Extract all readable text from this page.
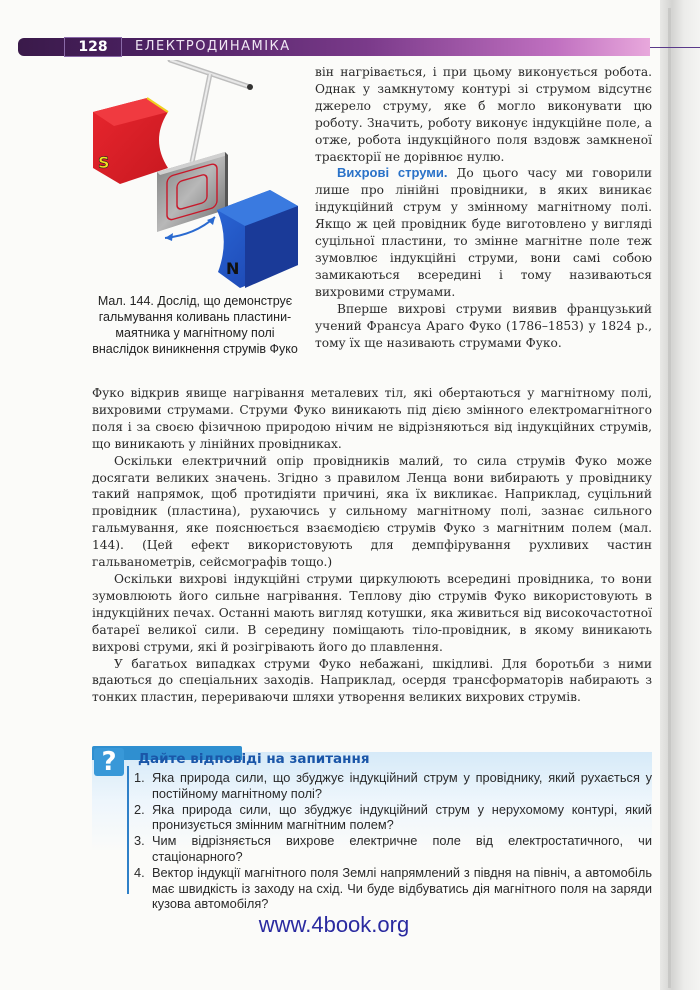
128	ЕЛЕКТРОДИНАМІКА
S
N
Мал. 144. Дослід, що демонструє гальмування коливань пластини-маятника у магнітному полі внаслідок виникнення струмів Фуко

він нагрівається, і при цьому виконується робота. Однак у замкнутому контурі зі струмом відсутнє джерело струму, яке б могло виконувати цю роботу. Значить, роботу виконує індукційне поле, а отже, робота індукційного поля вздовж замкненої траєкторії не дорівнює нулю.

Вихрові струми. До цього часу ми говорили лише про лінійні провідники, в яких виникає індукційний струм у змінному магнітному полі. Якщо ж цей провідник буде виготовлено у вигляді суцільної пластини, то змінне магнітне поле теж зумовлює індукційні струми, вони самі собою замикаються всередині і тому називаються вихровими струмами.

Вперше вихрові струми виявив французький учений Франсуа Араго Фуко (1786–1853) у 1824 р., тому їх ще називають струмами Фуко.

Фуко відкрив явище нагрівання металевих тіл, які обертаються у магнітному полі, вихровими струмами. Струми Фуко виникають під дією змінного електромагнітного поля і за своєю фізичною природою нічим не відрізняються від індукційних струмів, що виникають у лінійних провідниках.

Оскільки електричний опір провідників малий, то сила струмів Фуко може досягати великих значень. Згідно з правилом Ленца вони вибирають у провіднику такий напрямок, щоб протидіяти причині, яка їх викликає. Наприклад, суцільний провідник (пластина), рухаючись у сильному магнітному полі, зазнає сильного гальмування, яке пояснюється взаємодією струмів Фуко з магнітним полем (мал. 144). (Цей ефект використовують для демпфірування рухливих частин гальванометрів, сейсмографів тощо.)

Оскільки вихрові індукційні струми циркулюють всередині провідника, то вони зумовлюють його сильне нагрівання. Теплову дію струмів Фуко використовують в індукційних печах. Останні мають вигляд котушки, яка живиться від високочастотної батареї великої сили. В середину поміщають тіло-провідник, в якому виникають вихрові струми, які й розігрівають його до плавлення.

У багатьох випадках струми Фуко небажані, шкідливі. Для боротьби з ними вдаються до спеціальних заходів. Наприклад, осердя трансформаторів набирають з тонких пластин, перериваючи шляхи утворення великих вихрових струмів.

?	Дайте відповіді на запитання
1. Яка природа сили, що збуджує індукційний струм у провіднику, який рухається у постійному магнітному полі?
2. Яка природа сили, що збуджує індукційний струм у нерухомому контурі, який пронизується змінним магнітним полем?
3. Чим відрізняється вихрове електричне поле від електростатичного, чи стаціонарного?
4. Вектор індукції магнітного поля Землі напрямлений з півдня на північ, а автомобіль має швидкість із заходу на схід. Чи буде відбуватись дія магнітного поля на заряди кузова автомобіля?
www.4book.org
